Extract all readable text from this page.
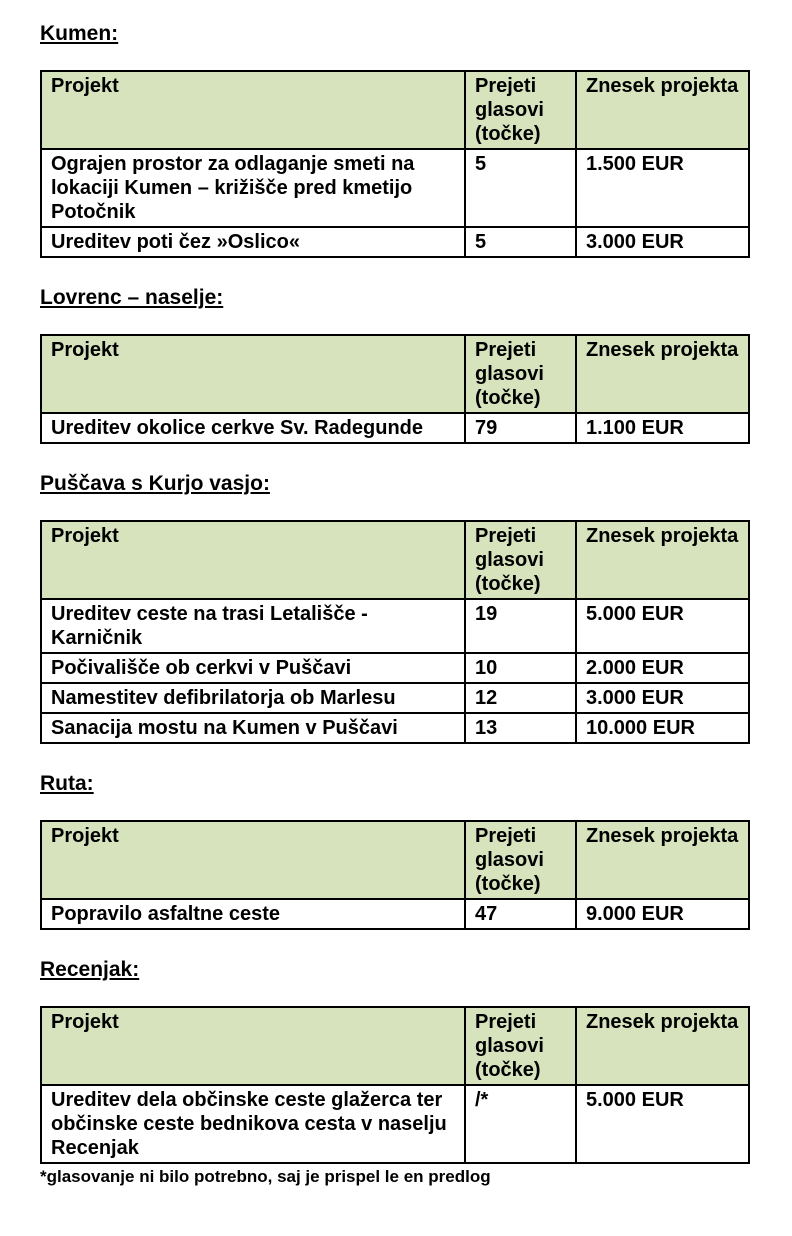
Kumen:
Projekt	Prejeti glasovi (točke)	Znesek projekta
Ograjen prostor za odlaganje smeti na lokaciji Kumen – križišče pred kmetijo Potočnik	5	1.500 EUR
Ureditev poti čez »Oslico«	5	3.000 EUR
Lovrenc – naselje:
Projekt	Prejeti glasovi (točke)	Znesek projekta
Ureditev okolice cerkve Sv. Radegunde	79	1.100 EUR
Puščava s Kurjo vasjo:
Projekt	Prejeti glasovi (točke)	Znesek projekta
Ureditev ceste na trasi Letališče - Karničnik	19	5.000 EUR
Počivališče ob cerkvi v Puščavi	10	2.000 EUR
Namestitev defibrilatorja ob Marlesu	12	3.000 EUR
Sanacija mostu na Kumen v Puščavi	13	10.000 EUR
Ruta:
Projekt	Prejeti glasovi (točke)	Znesek projekta
Popravilo asfaltne ceste	47	9.000 EUR
Recenjak:
Projekt	Prejeti glasovi (točke)	Znesek projekta
Ureditev dela občinske ceste glažerca ter občinske ceste bednikova cesta v naselju Recenjak	/*	5.000 EUR

*glasovanje ni bilo potrebno, saj je prispel le en predlog
